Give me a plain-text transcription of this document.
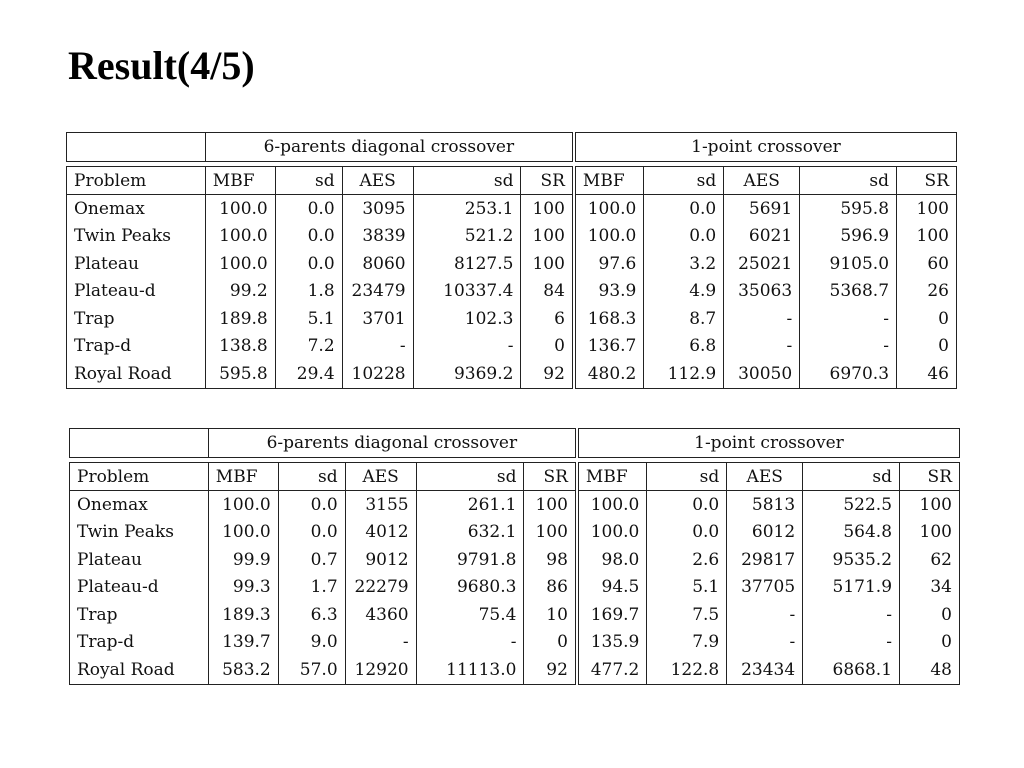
Result(4/5)
	6-parents diagonal crossover					1-point crossover				

Problem	MBF	sd	AES	sd	SR	MBF	sd	AES	sd	SR
Onemax	100.0	0.0	3095	253.1	100	100.0	0.0	5691	595.8	100
Twin Peaks	100.0	0.0	3839	521.2	100	100.0	0.0	6021	596.9	100
Plateau	100.0	0.0	8060	8127.5	100	97.6	3.2	25021	9105.0	60
Plateau-d	99.2	1.8	23479	10337.4	84	93.9	4.9	35063	5368.7	26
Trap	189.8	5.1	3701	102.3	6	168.3	8.7	-	-	0
Trap-d	138.8	7.2	-	-	0	136.7	6.8	-	-	0
Royal Road	595.8	29.4	10228	9369.2	92	480.2	112.9	30050	6970.3	46
	6-parents diagonal crossover					1-point crossover				

Problem	MBF	sd	AES	sd	SR	MBF	sd	AES	sd	SR
Onemax	100.0	0.0	3155	261.1	100	100.0	0.0	5813	522.5	100
Twin Peaks	100.0	0.0	4012	632.1	100	100.0	0.0	6012	564.8	100
Plateau	99.9	0.7	9012	9791.8	98	98.0	2.6	29817	9535.2	62
Plateau-d	99.3	1.7	22279	9680.3	86	94.5	5.1	37705	5171.9	34
Trap	189.3	6.3	4360	75.4	10	169.7	7.5	-	-	0
Trap-d	139.7	9.0	-	-	0	135.9	7.9	-	-	0
Royal Road	583.2	57.0	12920	11113.0	92	477.2	122.8	23434	6868.1	48
